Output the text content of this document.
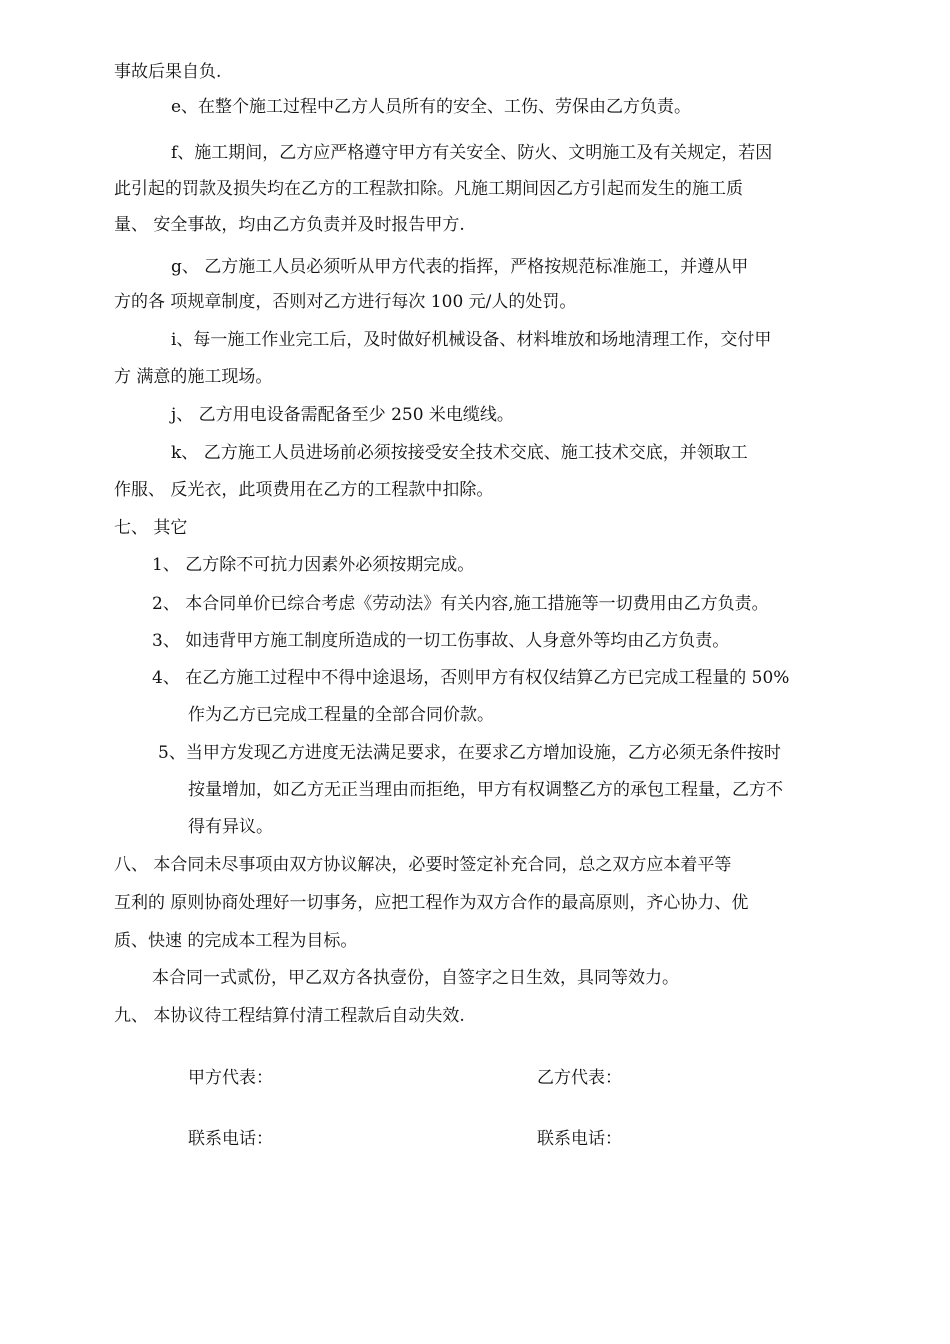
事故后果自负.
e、在整个施工过程中乙方人员所有的安全、工伤、劳保由乙方负责。
f、施工期间，乙方应严格遵守甲方有关安全、防火、文明施工及有关规定，若因
此引起的罚款及损失均在乙方的工程款扣除。凡施工期间因乙方引起而发生的施工质
量、 安全事故，均由乙方负责并及时报告甲方.
g、 乙方施工人员必须听从甲方代表的指挥，严格按规范标准施工，并遵从甲
方的各 项规章制度，否则对乙方进行每次 100 元/人的处罚。
i、每一施工作业完工后，及时做好机械设备、材料堆放和场地清理工作，交付甲
方 满意的施工现场。
j、 乙方用电设备需配备至少 250 米电缆线。
k、 乙方施工人员进场前必须按接受安全技术交底、施工技术交底，并领取工
作服、 反光衣，此项费用在乙方的工程款中扣除。
七、 其它
1、 乙方除不可抗力因素外必须按期完成。
2、 本合同单价已综合考虑《劳动法》有关内容,施工措施等一切费用由乙方负责。
3、 如违背甲方施工制度所造成的一切工伤事故、人身意外等均由乙方负责。
4、 在乙方施工过程中不得中途退场，否则甲方有权仅结算乙方已完成工程量的 50%
作为乙方已完成工程量的全部合同价款。
5、当甲方发现乙方进度无法满足要求，在要求乙方增加设施，乙方必须无条件按时
按量增加，如乙方无正当理由而拒绝，甲方有权调整乙方的承包工程量，乙方不
得有异议。
八、 本合同未尽事项由双方协议解决，必要时签定补充合同，总之双方应本着平等
互利的 原则协商处理好一切事务，应把工程作为双方合作的最高原则，齐心协力、优
质、快速 的完成本工程为目标。
本合同一式贰份，甲乙双方各执壹份，自签字之日生效，具同等效力。
九、 本协议待工程结算付清工程款后自动失效.
甲方代表：	乙方代表：
联系电话：	联系电话：
